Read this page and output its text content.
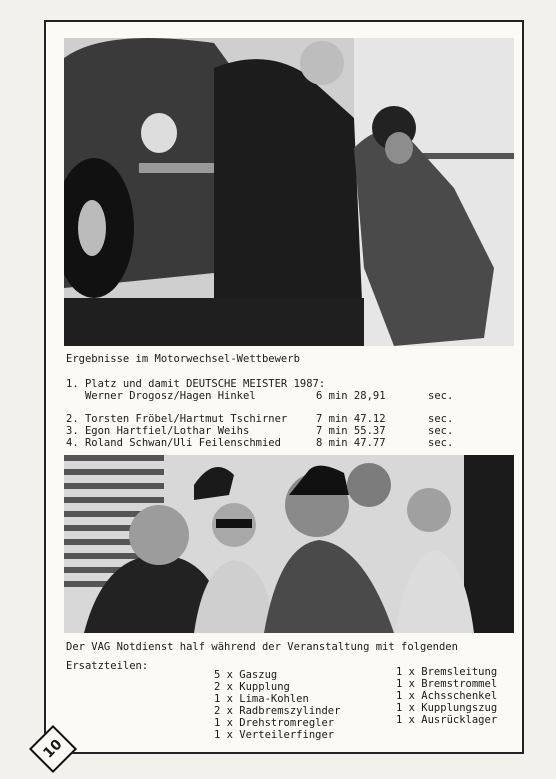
Ergebnisse im Motorwechsel-Wettbewerb
1. Platz und damit DEUTSCHE MEISTER 1987:
Werner Drogosz/Hagen Hinkel	6 min 28,91	sec.
2. Torsten Fröbel/Hartmut Tschirner	7 min 47.12	sec.
3. Egon Hartfiel/Lothar Weihs	7 min 55.37	sec.
4. Roland Schwan/Uli Feilenschmied	8 min 47.77	sec.
Der VAG Notdienst half während der Veranstaltung mit folgenden
Ersatzteilen:
5 x Gaszug
2 x Kupplung
1 x Lima-Kohlen
2 x Radbremszylinder
1 x Drehstromregler
1 x Verteilerfinger
1 x Bremsleitung
1 x Bremstrommel
1 x Achsschenkel
1 x Kupplungszug
1 x Ausrücklager
10
